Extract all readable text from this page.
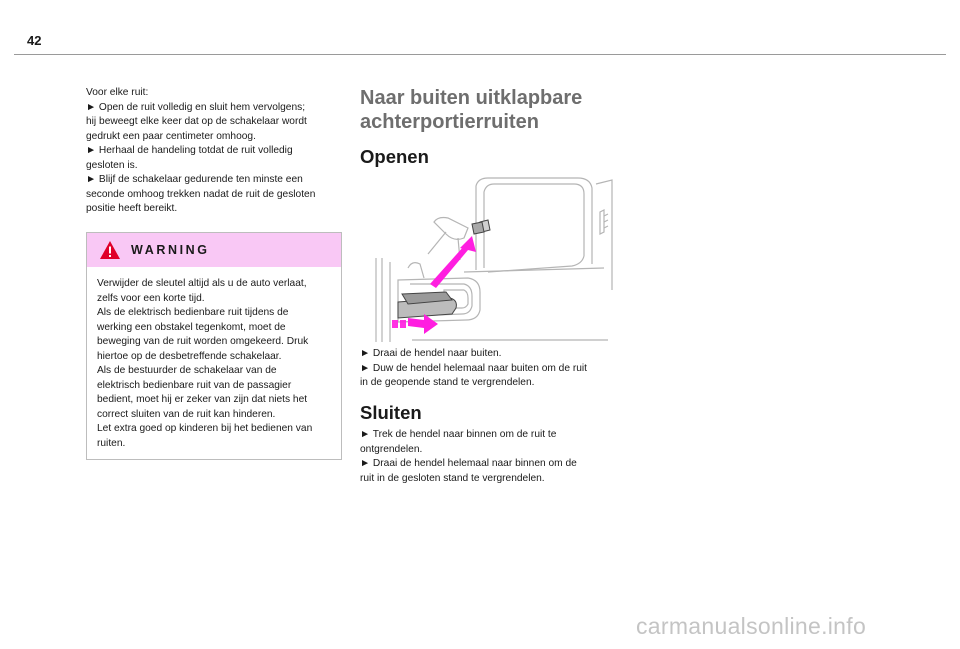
42

Voor elke ruit:
► Open de ruit volledig en sluit hem vervolgens;
hij beweegt elke keer dat op de schakelaar wordt
gedrukt een paar centimeter omhoog.
► Herhaal de handeling totdat de ruit volledig
gesloten is.
► Blijf de schakelaar gedurende ten minste een
seconde omhoog trekken nadat de ruit de gesloten
positie heeft bereikt.

WARNING

Verwijder de sleutel altijd als u de auto verlaat,
zelfs voor een korte tijd.
Als de elektrisch bedienbare ruit tijdens de
werking een obstakel tegenkomt, moet de
beweging van de ruit worden omgekeerd. Druk
hiertoe op de desbetreffende schakelaar.
Als de bestuurder de schakelaar van de
elektrisch bedienbare ruit van de passagier
bedient, moet hij er zeker van zijn dat niets het
correct sluiten van de ruit kan hinderen.
Let extra goed op kinderen bij het bedienen van
ruiten.

Naar buiten uitklapbare
achterportierruiten
Openen

► Draai de hendel naar buiten.
► Duw de hendel helemaal naar buiten om de ruit
in de geopende stand te vergrendelen.

Sluiten

► Trek de hendel naar binnen om de ruit te
ontgrendelen.
► Draai de hendel helemaal naar binnen om de
ruit in de gesloten stand te vergrendelen.

carmanualsonline.info
